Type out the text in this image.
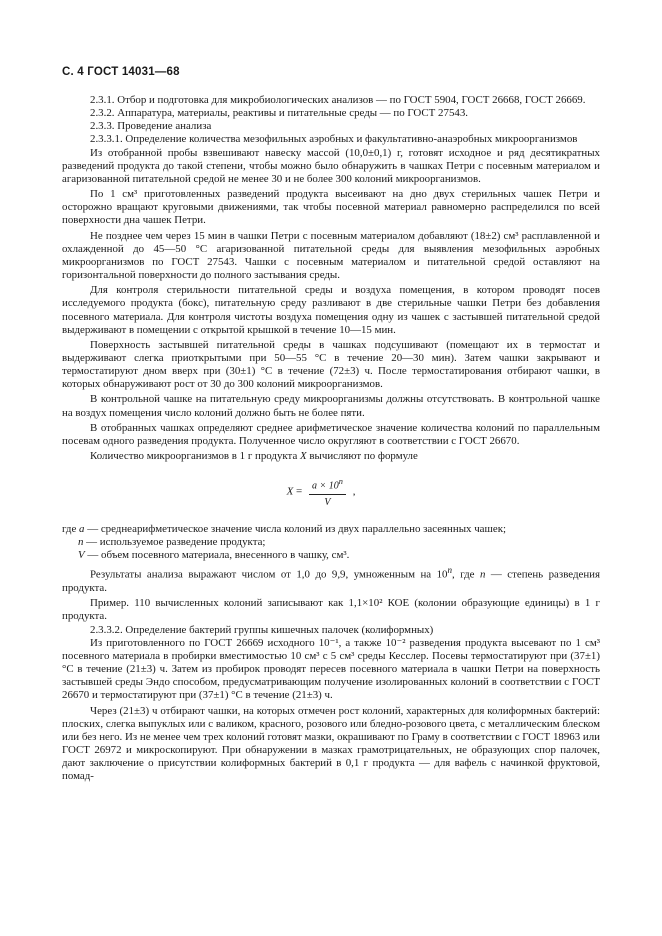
С. 4 ГОСТ 14031—68

2.3.1. Отбор и подготовка для микробиологических анализов — по ГОСТ 5904, ГОСТ 26668, ГОСТ 26669.

2.3.2. Аппаратура, материалы, реактивы и питательные среды — по ГОСТ 27543.

2.3.3. Проведение анализа

2.3.3.1. Определение количества мезофильных аэробных и факультативно-анаэробных микроорганизмов

Из отобранной пробы взвешивают навеску массой (10,0±0,1) г, готовят исходное и ряд десятикратных разведений продукта до такой степени, чтобы можно было обнаружить в чашках Петри с посевным материалом и агаризованной питательной средой не менее 30 и не более 300 колоний микроорганизмов.

По 1 см³ приготовленных разведений продукта высеивают на дно двух стерильных чашек Петри и осторожно вращают круговыми движениями, так чтобы посевной материал равномерно распределился по всей поверхности дна чашек Петри.

Не позднее чем через 15 мин в чашки Петри с посевным материалом добавляют (18±2) см³ расплавленной и охлажденной до 45—50 °С агаризованной питательной среды для выявления мезофильных аэробных микроорганизмов по ГОСТ 27543. Чашки с посевным материалом и питательной средой оставляют на горизонтальной поверхности до полного застывания среды.

Для контроля стерильности питательной среды и воздуха помещения, в котором проводят посев исследуемого продукта (бокс), питательную среду разливают в две стерильные чашки Петри без добавления посевного материала. Для контроля чистоты воздуха помещения одну из чашек с застывшей питательной средой выдерживают в помещении с открытой крышкой в течение 10—15 мин.

Поверхность застывшей питательной среды в чашках подсушивают (помещают их в термостат и выдерживают слегка приоткрытыми при 50—55 °С в течение 20—30 мин). Затем чашки закрывают и термостатируют дном вверх при (30±1) °С в течение (72±3) ч. После термостатирования отбирают чашки, в которых обнаруживают рост от 30 до 300 колоний микроорганизмов.

В контрольной чашке на питательную среду микроорганизмы должны отсутствовать. В контрольной чашке на воздух помещения число колоний должно быть не более пяти.

В отобранных чашках определяют среднее арифметическое значение количества колоний по параллельным посевам одного разведения продукта. Полученное число округляют в соответствии с ГОСТ 26670.

Количество микроорганизмов в 1 г продукта X вычисляют по формуле

$X = \frac{a \times 10^n}{V}$ ,

где a — среднеарифметическое значение числа колоний из двух параллельно засеянных чашек;

n — используемое разведение продукта;

V — объем посевного материала, внесенного в чашку, см³.

Результаты анализа выражают числом от 1,0 до 9,9, умноженным на 10$^n$, где n — степень разведения продукта.

Пример. 110 вычисленных колоний записывают как 1,1×10² КОЕ (колонии образующие единицы) в 1 г продукта.

2.3.3.2. Определение бактерий группы кишечных палочек (колиформных)

Из приготовленного по ГОСТ 26669 исходного 10⁻¹, а также 10⁻² разведения продукта высевают по 1 см³ посевного материала в пробирки вместимостью 10 см³ с 5 см³ среды Кесслер. Посевы термостатируют при (37±1) °С в течение (21±3) ч. Затем из пробирок проводят пересев посевного материала в чашки Петри на поверхность застывшей среды Эндо способом, предусматривающим получение изолированных колоний в соответствии с ГОСТ 26670 и термостатируют при (37±1) °С в течение (21±3) ч.

Через (21±3) ч отбирают чашки, на которых отмечен рост колоний, характерных для колиформных бактерий: плоских, слегка выпуклых или с валиком, красного, розового или бледно-розового цвета, с металлическим блеском или без него. Из не менее чем трех колоний готовят мазки, окрашивают по Граму в соответствии с ГОСТ 18963 или ГОСТ 26972 и микроскопируют. При обнаружении в мазках грамотрицательных, не образующих спор палочек, дают заключение о присутствии колиформных бактерий в 0,1 г продукта — для вафель с начинкой фруктовой, помад-
